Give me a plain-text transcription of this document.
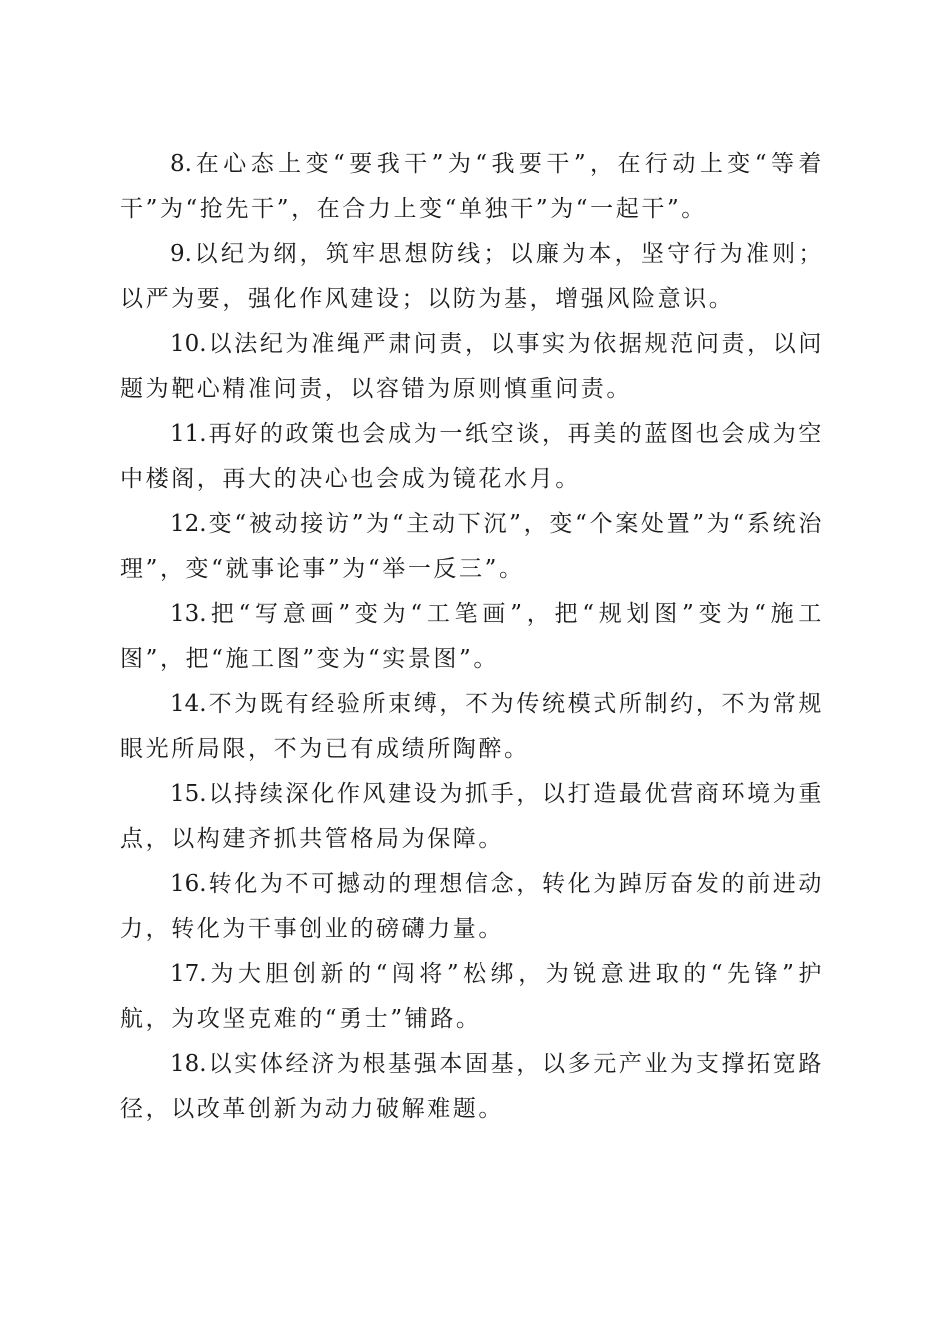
8.在心态上变“要我干”为“我要干”，在行动上变“等着干”为“抢先干”，在合力上变“单独干”为“一起干”。

9.以纪为纲，筑牢思想防线；以廉为本，坚守行为准则；以严为要，强化作风建设；以防为基，增强风险意识。

10.以法纪为准绳严肃问责，以事实为依据规范问责，以问题为靶心精准问责，以容错为原则慎重问责。

11.再好的政策也会成为一纸空谈，再美的蓝图也会成为空中楼阁，再大的决心也会成为镜花水月。

12.变“被动接访”为“主动下沉”，变“个案处置”为“系统治理”，变“就事论事”为“举一反三”。

13.把“写意画”变为“工笔画”，把“规划图”变为“施工图”，把“施工图”变为“实景图”。

14.不为既有经验所束缚，不为传统模式所制约，不为常规眼光所局限，不为已有成绩所陶醉。

15.以持续深化作风建设为抓手，以打造最优营商环境为重点，以构建齐抓共管格局为保障。

16.转化为不可撼动的理想信念，转化为踔厉奋发的前进动力，转化为干事创业的磅礴力量。

17.为大胆创新的“闯将”松绑，为锐意进取的“先锋”护航，为攻坚克难的“勇士”铺路。

18.以实体经济为根基强本固基，以多元产业为支撑拓宽路径，以改革创新为动力破解难题。
